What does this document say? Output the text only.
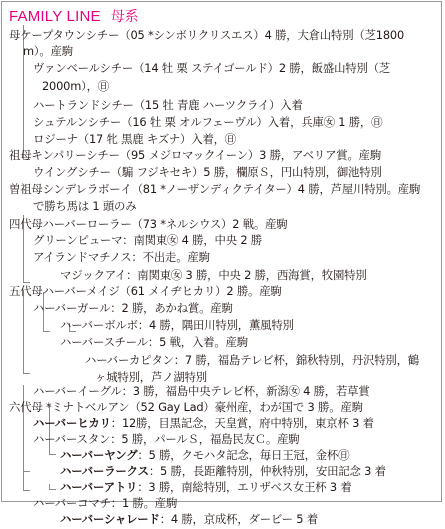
FAMILY LINE 母系
母ケープタウンシチー（05 *シンボリクリスエス）4 勝，大倉山特別（芝1800
m）。産駒
ヴァンベールシチー（14 牡 栗 ステイゴールド）2 勝，飯盛山特別（芝
2000m），㊐
ハートランドシチー（15 牡 青鹿 ハーツクライ）入着
シュテルンシチー（16 牡 栗 オルフェーヴル）入着，兵庫㊛ 1 勝，㊐
ロジーナ（17 牝 黒鹿 キズナ）入着，㊐
祖母キンパリーシチー（95 メジロマックイーン）3 勝，アベリア賞。産駒
ウイングシチー（騸 フジキセキ）5 勝，欄原Ｓ，円山特別，御池特別
曽祖母シンデレラボーイ（81 *ノーザンディクテイター）4 勝，芦屋川特別。産駒
で勝ち馬は 1 頭のみ
四代母ハーバーローラー（73 *ネルシウス）2 戦。産駒
グリーンピューマ：南関東㊛ 4 勝，中央 2 勝
アイランドマチノス：不出走。産駒
マジックアイ：南関東㊛ 3 勝，中央 2 勝，西海賞，牧園特別
五代母ハーバーメイジ（61 メイヂヒカリ）2 勝。産駒
ハーバーガール：2 勝，あかね賞。産駒
ハーバーボルボ：4 勝，隅田川特別，薫風特別
ハーバースチール：5 戦，入着。産駒
ハーバーカピタン：7 勝，福島テレビ杯，錦秋特別，丹沢特別，鶴
ヶ城特別，芦ノ湖特別
ハーバーイーグル：3 勝，福島中央テレビ杯，新潟㊛ 4 勝，若草賞
六代母 *ミナトベルアン（52 Gay Lad）豪州産，わが国で 3 勝。産駒
ハーバーヒカリ：12勝，目黒記念，天皇賞，府中特別，東京杯 3 着
ハーバースタン：5 勝，パールＳ，福島民友Ｃ。産駒
ハーバーヤング：5 勝，クモハタ記念，毎日王冠，金杯㊐
ハーバーラークス：5 勝，長距離特別，仲秋特別，安田記念 3 着
ハーバーアトリ：3 勝，南総特別，エリザベス女王杯 3 着
ハーバーコマチ：1 勝。産駒
ハーバーシャレード：4 勝，京成杯，ダービー 5 着
